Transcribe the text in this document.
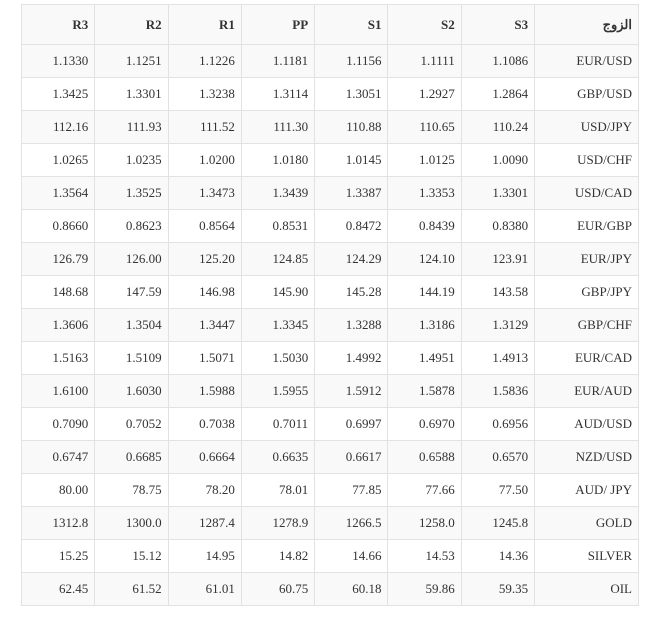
R3	R2	R1	PP	S1	S2	S3	الزوج
1.1330	1.1251	1.1226	1.1181	1.1156	1.1111	1.1086	EUR/USD
1.3425	1.3301	1.3238	1.3114	1.3051	1.2927	1.2864	GBP/USD
112.16	111.93	111.52	111.30	110.88	110.65	110.24	USD/JPY
1.0265	1.0235	1.0200	1.0180	1.0145	1.0125	1.0090	USD/CHF
1.3564	1.3525	1.3473	1.3439	1.3387	1.3353	1.3301	USD/CAD
0.8660	0.8623	0.8564	0.8531	0.8472	0.8439	0.8380	EUR/GBP
126.79	126.00	125.20	124.85	124.29	124.10	123.91	EUR/JPY
148.68	147.59	146.98	145.90	145.28	144.19	143.58	GBP/JPY
1.3606	1.3504	1.3447	1.3345	1.3288	1.3186	1.3129	GBP/CHF
1.5163	1.5109	1.5071	1.5030	1.4992	1.4951	1.4913	EUR/CAD
1.6100	1.6030	1.5988	1.5955	1.5912	1.5878	1.5836	EUR/AUD
0.7090	0.7052	0.7038	0.7011	0.6997	0.6970	0.6956	AUD/USD
0.6747	0.6685	0.6664	0.6635	0.6617	0.6588	0.6570	NZD/USD
80.00	78.75	78.20	78.01	77.85	77.66	77.50	AUD/ JPY
1312.8	1300.0	1287.4	1278.9	1266.5	1258.0	1245.8	GOLD
15.25	15.12	14.95	14.82	14.66	14.53	14.36	SILVER
62.45	61.52	61.01	60.75	60.18	59.86	59.35	OIL
